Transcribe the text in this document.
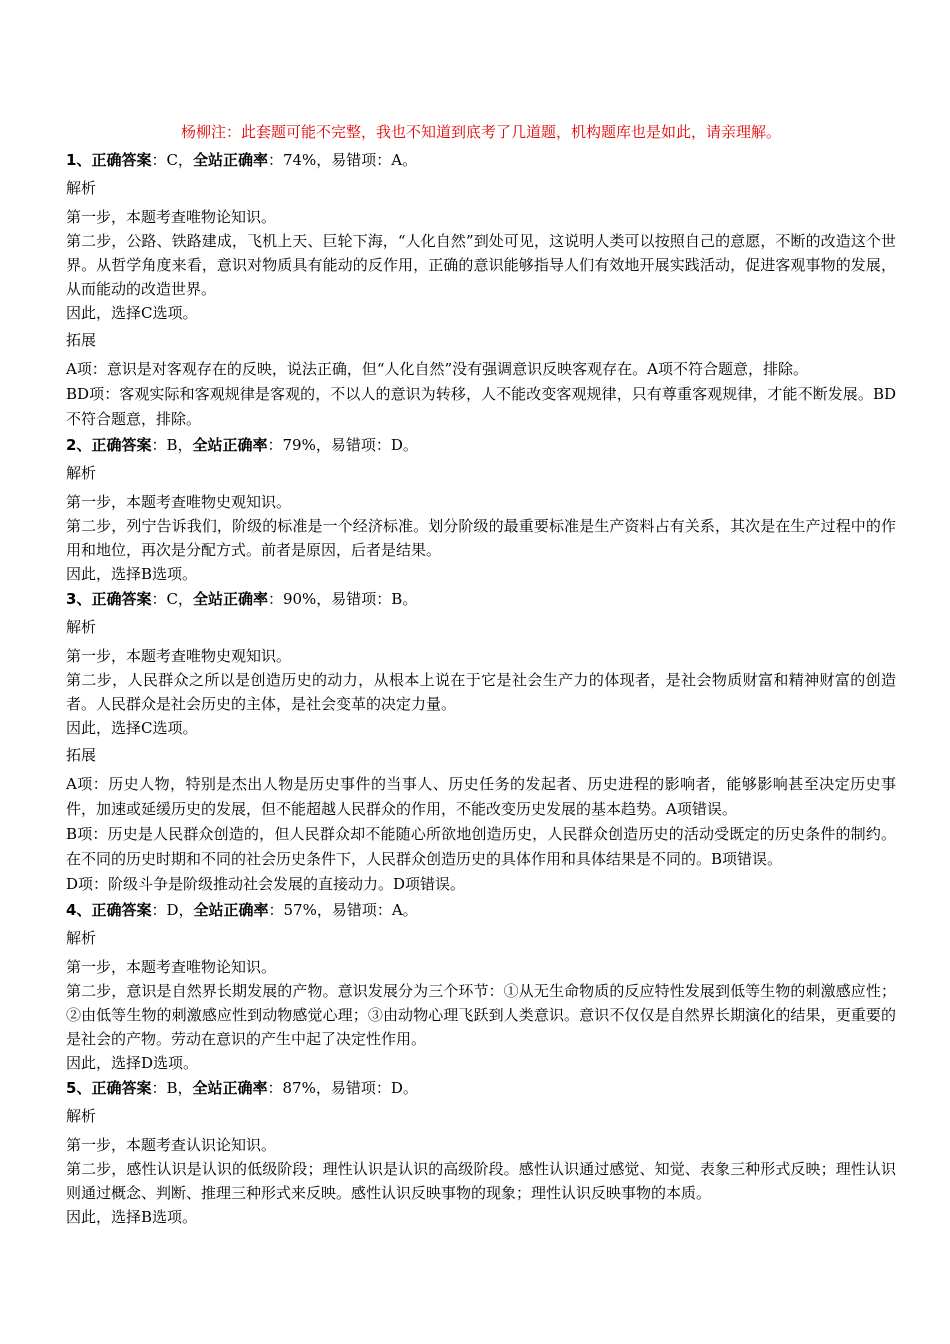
杨柳注：此套题可能不完整，我也不知道到底考了几道题，机构题库也是如此，请亲理解。

1、正确答案：C，全站正确率：74%，易错项：A。

解析

第一步，本题考查唯物论知识。

第二步，公路、铁路建成，飞机上天、巨轮下海，“人化自然”到处可见，这说明人类可以按照自己的意愿，不断的改造这个世界。从哲学角度来看，意识对物质具有能动的反作用，正确的意识能够指导人们有效地开展实践活动，促进客观事物的发展，从而能动的改造世界。

因此，选择C选项。

拓展

A项：意识是对客观存在的反映，说法正确，但“人化自然”没有强调意识反映客观存在。A项不符合题意，排除。

BD项：客观实际和客观规律是客观的，不以人的意识为转移，人不能改变客观规律，只有尊重客观规律，才能不断发展。BD不符合题意，排除。

2、正确答案：B，全站正确率：79%，易错项：D。

解析

第一步，本题考查唯物史观知识。

第二步，列宁告诉我们，阶级的标准是一个经济标准。划分阶级的最重要标准是生产资料占有关系，其次是在生产过程中的作用和地位，再次是分配方式。前者是原因，后者是结果。

因此，选择B选项。

3、正确答案：C，全站正确率：90%，易错项：B。

解析

第一步，本题考查唯物史观知识。

第二步，人民群众之所以是创造历史的动力，从根本上说在于它是社会生产力的体现者，是社会物质财富和精神财富的创造者。人民群众是社会历史的主体，是社会变革的决定力量。

因此，选择C选项。

拓展

A项：历史人物，特别是杰出人物是历史事件的当事人、历史任务的发起者、历史进程的影响者，能够影响甚至决定历史事件，加速或延缓历史的发展，但不能超越人民群众的作用，不能改变历史发展的基本趋势。A项错误。

B项：历史是人民群众创造的，但人民群众却不能随心所欲地创造历史，人民群众创造历史的活动受既定的历史条件的制约。在不同的历史时期和不同的社会历史条件下，人民群众创造历史的具体作用和具体结果是不同的。B项错误。

D项：阶级斗争是阶级推动社会发展的直接动力。D项错误。

4、正确答案：D，全站正确率：57%，易错项：A。

解析

第一步，本题考查唯物论知识。

第二步，意识是自然界长期发展的产物。意识发展分为三个环节：①从无生命物质的反应特性发展到低等生物的刺激感应性；②由低等生物的刺激感应性到动物感觉心理；③由动物心理飞跃到人类意识。意识不仅仅是自然界长期演化的结果，更重要的是社会的产物。劳动在意识的产生中起了决定性作用。

因此，选择D选项。

5、正确答案：B，全站正确率：87%，易错项：D。

解析

第一步，本题考查认识论知识。

第二步，感性认识是认识的低级阶段；理性认识是认识的高级阶段。感性认识通过感觉、知觉、表象三种形式反映；理性认识则通过概念、判断、推理三种形式来反映。感性认识反映事物的现象；理性认识反映事物的本质。

因此，选择B选项。
